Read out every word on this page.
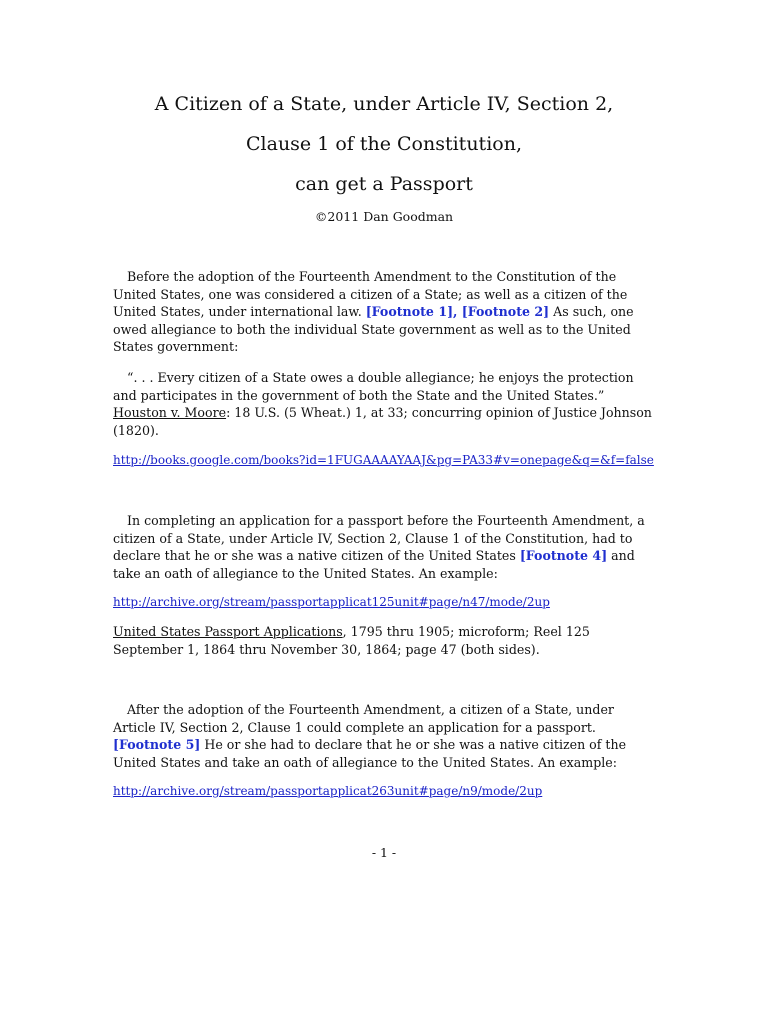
A Citizen of a State, under Article IV, Section 2,
Clause 1 of the Constitution,
can get a Passport
©2011 Dan Goodman
Before the adoption of the Fourteenth Amendment to the Constitution of the
United States, one was considered a citizen of a State; as well as a citizen of the
United States, under international law. [Footnote 1], [Footnote 2] As such, one
owed allegiance to both the individual State government as well as to the United
States government:
“. . . Every citizen of a State owes a double allegiance; he enjoys the protection
and participates in the government of both the State and the United States.”
Houston v. Moore: 18 U.S. (5 Wheat.) 1, at 33; concurring opinion of Justice Johnson
(1820).
http://books.google.com/books?id=1FUGAAAAYAAJ&pg=PA33#v=onepage&q=&f=false
In completing an application for a passport before the Fourteenth Amendment, a
citizen of a State, under Article IV, Section 2, Clause 1 of the Constitution, had to
declare that he or she was a native citizen of the United States [Footnote 4] and
take an oath of allegiance to the United States. An example:
http://archive.org/stream/passportapplicat125unit#page/n47/mode/2up
United States Passport Applications, 1795 thru 1905; microform; Reel 125
September 1, 1864 thru November 30, 1864; page 47 (both sides).
After the adoption of the Fourteenth Amendment, a citizen of a State, under
Article IV, Section 2, Clause 1 could complete an application for a passport.
[Footnote 5] He or she had to declare that he or she was a native citizen of the
United States and take an oath of allegiance to the United States. An example:
http://archive.org/stream/passportapplicat263unit#page/n9/mode/2up
- 1 -
